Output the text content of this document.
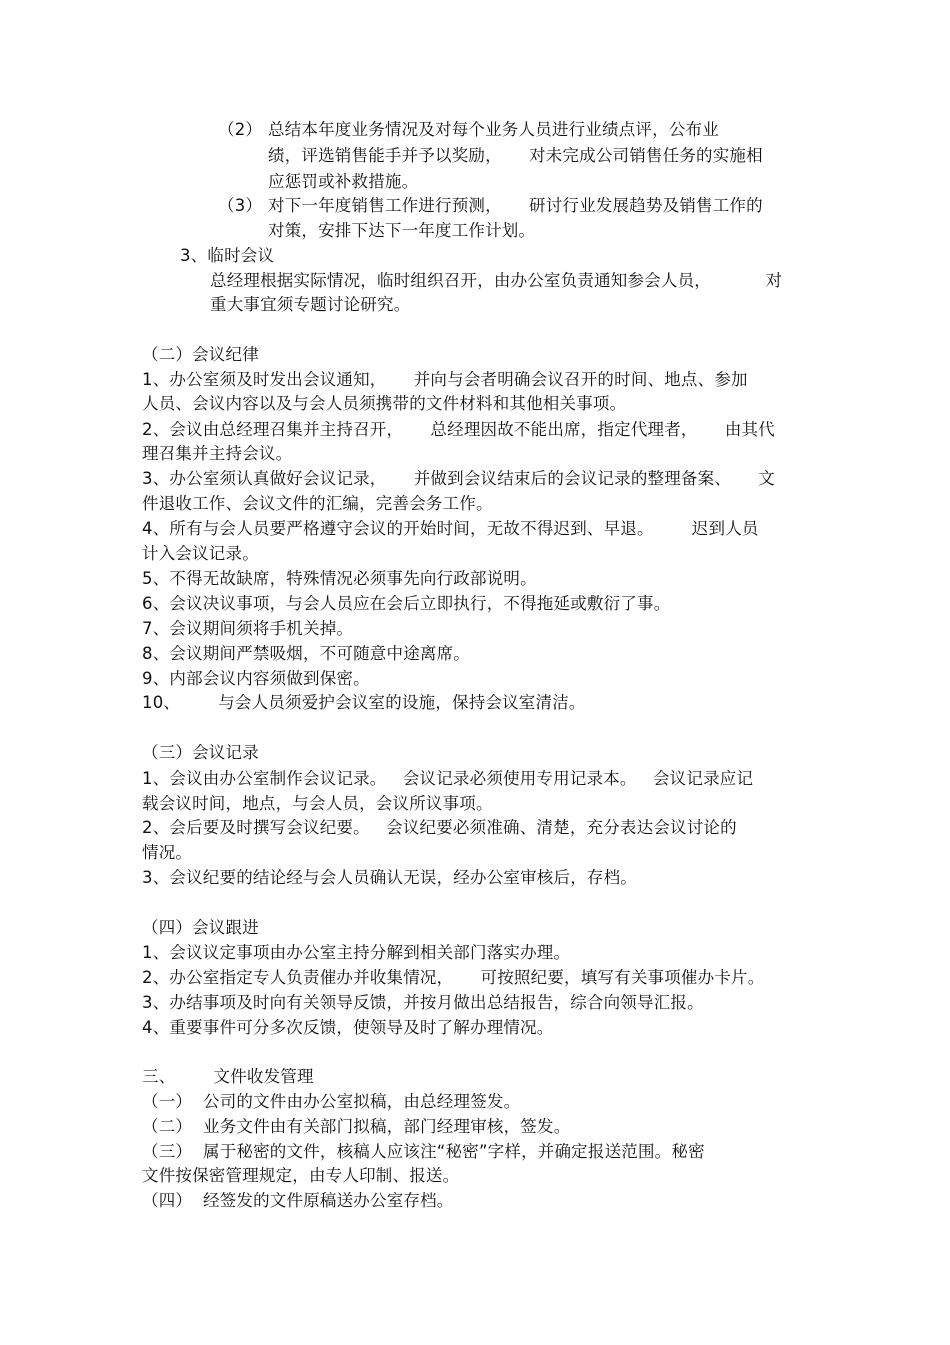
（2） 总结本年度业务情况及对每个业务人员进行业绩点评，公布业
绩，评选销售能手并予以奖励，     对未完成公司销售任务的实施相
应惩罚或补救措施。
（3） 对下一年度销售工作进行预测，     研讨行业发展趋势及销售工作的
对策，安排下达下一年度工作计划。
3、临时会议
总经理根据实际情况，临时组织召开，由办公室负责通知参会人员，          对
重大事宜须专题讨论研究。
（二）会议纪律
1、办公室须及时发出会议通知，     并向与会者明确会议召开的时间、地点、参加
人员、会议内容以及与会人员须携带的文件材料和其他相关事项。
2、会议由总经理召集并主持召开，     总经理因故不能出席，指定代理者，     由其代
理召集并主持会议。
3、办公室须认真做好会议记录，     并做到会议结束后的会议记录的整理备案、     文
件退收工作、会议文件的汇编，完善会务工作。
4、所有与会人员要严格遵守会议的开始时间，无故不得迟到、早退。       迟到人员
计入会议记录。
5、不得无故缺席，特殊情况必须事先向行政部说明。
6、会议决议事项，与会人员应在会后立即执行，不得拖延或敷衍了事。
7、会议期间须将手机关掉。
8、会议期间严禁吸烟，不可随意中途离席。
9、内部会议内容须做到保密。
10、       与会人员须爱护会议室的设施，保持会议室清洁。
（三）会议记录
1、会议由办公室制作会议记录。   会议记录必须使用专用记录本。   会议记录应记
载会议时间，地点，与会人员，会议所议事项。
2、会后要及时撰写会议纪要。   会议纪要必须准确、清楚，充分表达会议讨论的
情况。
3、会议纪要的结论经与会人员确认无误，经办公室审核后，存档。
（四）会议跟进
1、会议议定事项由办公室主持分解到相关部门落实办理。
2、办公室指定专人负责催办并收集情况，     可按照纪要，填写有关事项催办卡片。
3、办结事项及时向有关领导反馈，并按月做出总结报告，综合向领导汇报。
4、重要事件可分多次反馈，使领导及时了解办理情况。
三、       文件收发管理
（一）  公司的文件由办公室拟稿，由总经理签发。
（二）  业务文件由有关部门拟稿，部门经理审核，签发。
（三）  属于秘密的文件，核稿人应该注“秘密”字样，并确定报送范围。秘密
文件按保密管理规定，由专人印制、报送。
（四）  经签发的文件原稿送办公室存档。
